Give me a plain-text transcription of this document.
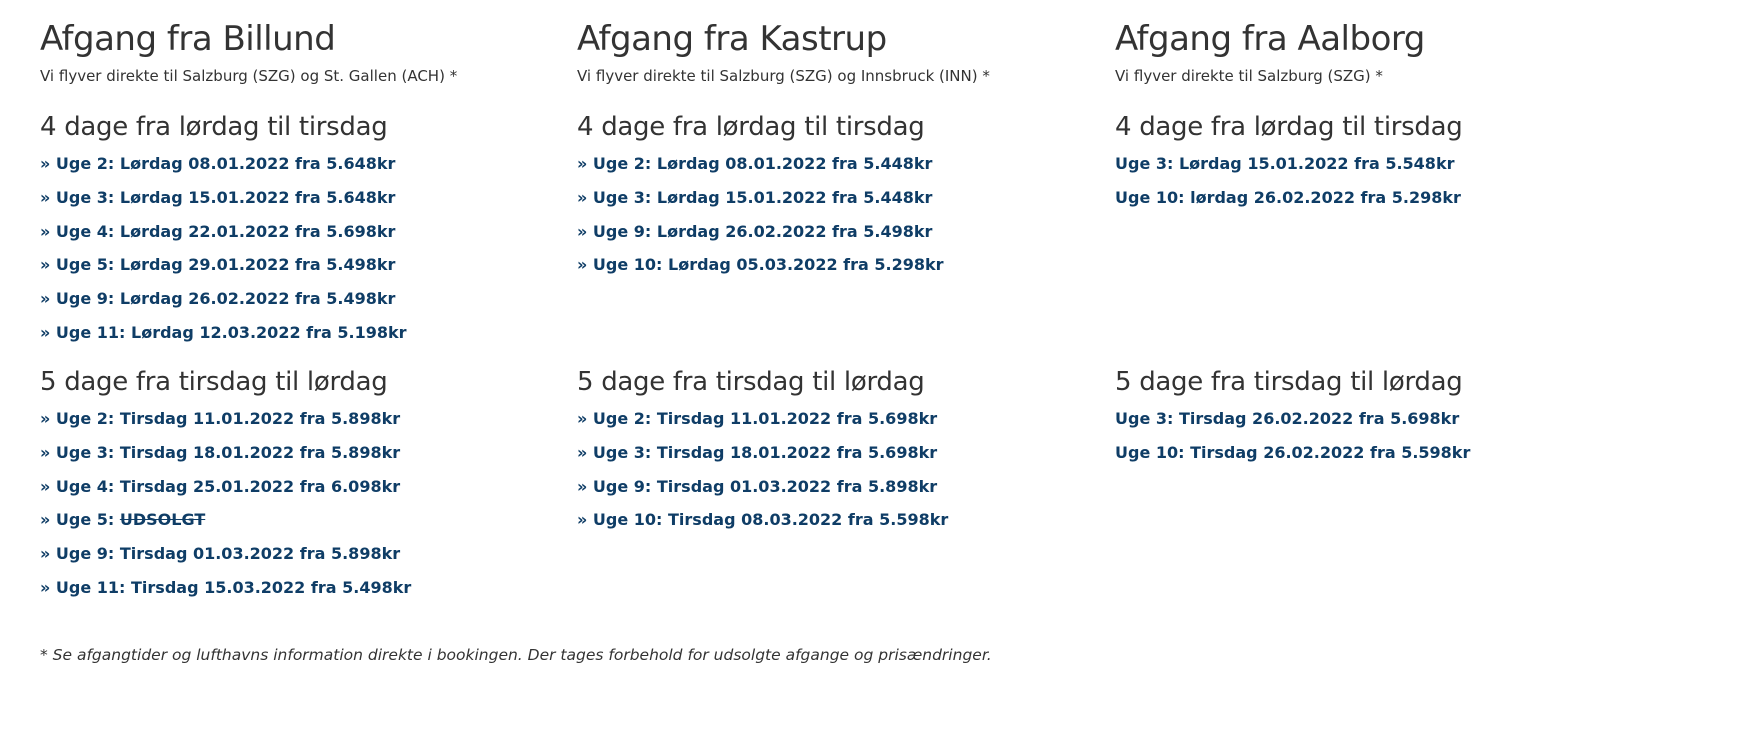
Afgang fra Billund

Vi flyver direkte til Salzburg (SZG) og St. Gallen (ACH) *

4 dage fra lørdag til tirsdag
» Uge 2: Lørdag 08.01.2022 fra 5.648kr
» Uge 3: Lørdag 15.01.2022 fra 5.648kr
» Uge 4: Lørdag 22.01.2022 fra 5.698kr
» Uge 5: Lørdag 29.01.2022 fra 5.498kr
» Uge 9: Lørdag 26.02.2022 fra 5.498kr
» Uge 11: Lørdag 12.03.2022 fra 5.198kr
5 dage fra tirsdag til lørdag
» Uge 2: Tirsdag 11.01.2022 fra 5.898kr
» Uge 3: Tirsdag 18.01.2022 fra 5.898kr
» Uge 4: Tirsdag 25.01.2022 fra 6.098kr
» Uge 5: UDSOLGT
» Uge 9: Tirsdag 01.03.2022 fra 5.898kr
» Uge 11: Tirsdag 15.03.2022 fra 5.498kr
Afgang fra Kastrup

Vi flyver direkte til Salzburg (SZG) og Innsbruck (INN) *

4 dage fra lørdag til tirsdag
» Uge 2: Lørdag 08.01.2022 fra 5.448kr
» Uge 3: Lørdag 15.01.2022 fra 5.448kr
» Uge 9: Lørdag 26.02.2022 fra 5.498kr
» Uge 10: Lørdag 05.03.2022 fra 5.298kr
5 dage fra tirsdag til lørdag
» Uge 2: Tirsdag 11.01.2022 fra 5.698kr
» Uge 3: Tirsdag 18.01.2022 fra 5.698kr
» Uge 9: Tirsdag 01.03.2022 fra 5.898kr
» Uge 10: Tirsdag 08.03.2022 fra 5.598kr
Afgang fra Aalborg

Vi flyver direkte til Salzburg (SZG) *

4 dage fra lørdag til tirsdag
Uge 3: Lørdag 15.01.2022 fra 5.548kr
Uge 10: lørdag 26.02.2022 fra 5.298kr
5 dage fra tirsdag til lørdag
Uge 3: Tirsdag 26.02.2022 fra 5.698kr
Uge 10: Tirsdag 26.02.2022 fra 5.598kr

* Se afgangtider og lufthavns information direkte i bookingen. Der tages forbehold for udsolgte afgange og prisændringer.
